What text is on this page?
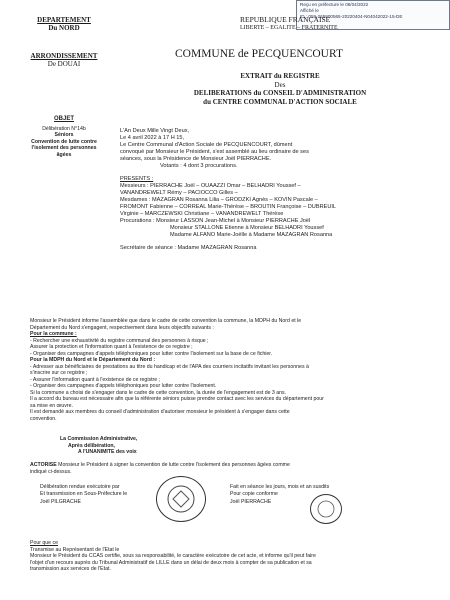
Reçu en préfecture le 06/04/2022
Affiché le
ID : 059-265900565-20220404-N04042022-15-DE
DEPARTEMENT
Du NORD
ARRONDISSEMENT
De DOUAI
REPUBLIQUE FRANÇAISE
LIBERTE – EGALITE – FRATERNITE
COMMUNE de PECQUENCOURT
EXTRAIT du REGISTRE
Des
DELIBERATIONS du CONSEIL D'ADMINISTRATION
du CENTRE COMMUNAL D'ACTION SOCIALE
OBJET
Délibération N°14b
Séniors
Convention de lutte contre l'isolement des personnes âgées
L'An Deux Mille Vingt Deux,
Le 4 avril 2022 à 17 H 15,
Le Centre Communal d'Action Sociale de PECQUENCOURT, dûment
convoqué par Monsieur le Président, s'est assemblé au lieu ordinaire de ses
séances, sous la Présidence de Monsieur Joël PIERRACHE.
Votants : 4 dont 3 procurations.
PRESENTS :
Messieurs : PIERRACHE Joël – OUAAZZI Omar – BELHADRI Youssef –
VANANDREWELT Rémy – PACIOCCO Gilles –
Mesdames : MAZAGRAN Rosanna Lilia – GRODZKI Agnès – KOVIN Pascale –
FROMONT Fabienne – CORREAL Marie-Thérèse – BROUTIN Françoise – DUBREUIL
Virginie – MARCZEWSKI Christiane – VANANDREWELT Thérèse
Procurations : Monsieur LASSON Jean-Michel à Monsieur PIERRACHE Joël
Monsieur STALLONE Etienne à Monsieur BELHADRI Youssef
Madame ALFANO Marie-Joëlle à Madame MAZAGRAN Rosanna
Secrétaire de séance : Madame MAZAGRAN Rosanna
Monsieur le Président informe l'assemblée que dans le cadre de cette convention la commune, la MDPH du Nord et le
Département du Nord s'engagent, respectivement dans leurs objectifs suivants :
Pour la commune :
- Rechercher une exhaustivité du registre communal des personnes à risque ;
Assurer la protection et l'information quant à l'existence de ce registre ;
- Organiser des campagnes d'appels téléphoniques pour lutter contre l'isolement sur la base de ce fichier.
Pour la MDPH du Nord et le Département du Nord :
- Adresser aux bénéficiaires de prestations au titre du handicap et de l'APA des courriers incitatifs invitant les personnes à
s'inscrire sur ce registre ;
- Assurer l'information quant à l'existence de ce registre ;
- Organiser des campagnes d'appels téléphoniques pour lutter contre l'isolement.
Si la commune a choisi de s'engager dans le cadre de cette convention, la durée de l'engagement est de 3 ans.
Il a accord du bureau est nécessaire afin que la référente séniors puisse prendre contact avec les services du département pour
sa mise en œuvre.
Il est demandé aux membres du conseil d'administration d'autoriser monsieur le président à s'engager dans cette
convention.
La Commission Administrative,
Après délibération,
A l'UNANIMITE des voix
ACTORISE Monsieur le Président à signer la convention de lutte contre l'isolement des personnes âgées comme
indiqué ci-dessus.
Délibération rendue exécutoire par
Et transmission en Sous-Préfecture le
Joël PILGRACHE
Fait en séance les jours, mois et an susdits
Pour copie conforme
Joël PIERRACHE
Pour que ce
Transmise au Représentant de l'Etat le
Monsieur le Président du CCAS certifie, sous sa responsabilité, le caractère exécutoire de cet acte, et informe qu'il peut faire
l'objet d'un recours auprès du Tribunal Administratif de LILLE dans un délai de deux mois à compter de sa publication et sa
transmission aux services de l'Etat.
